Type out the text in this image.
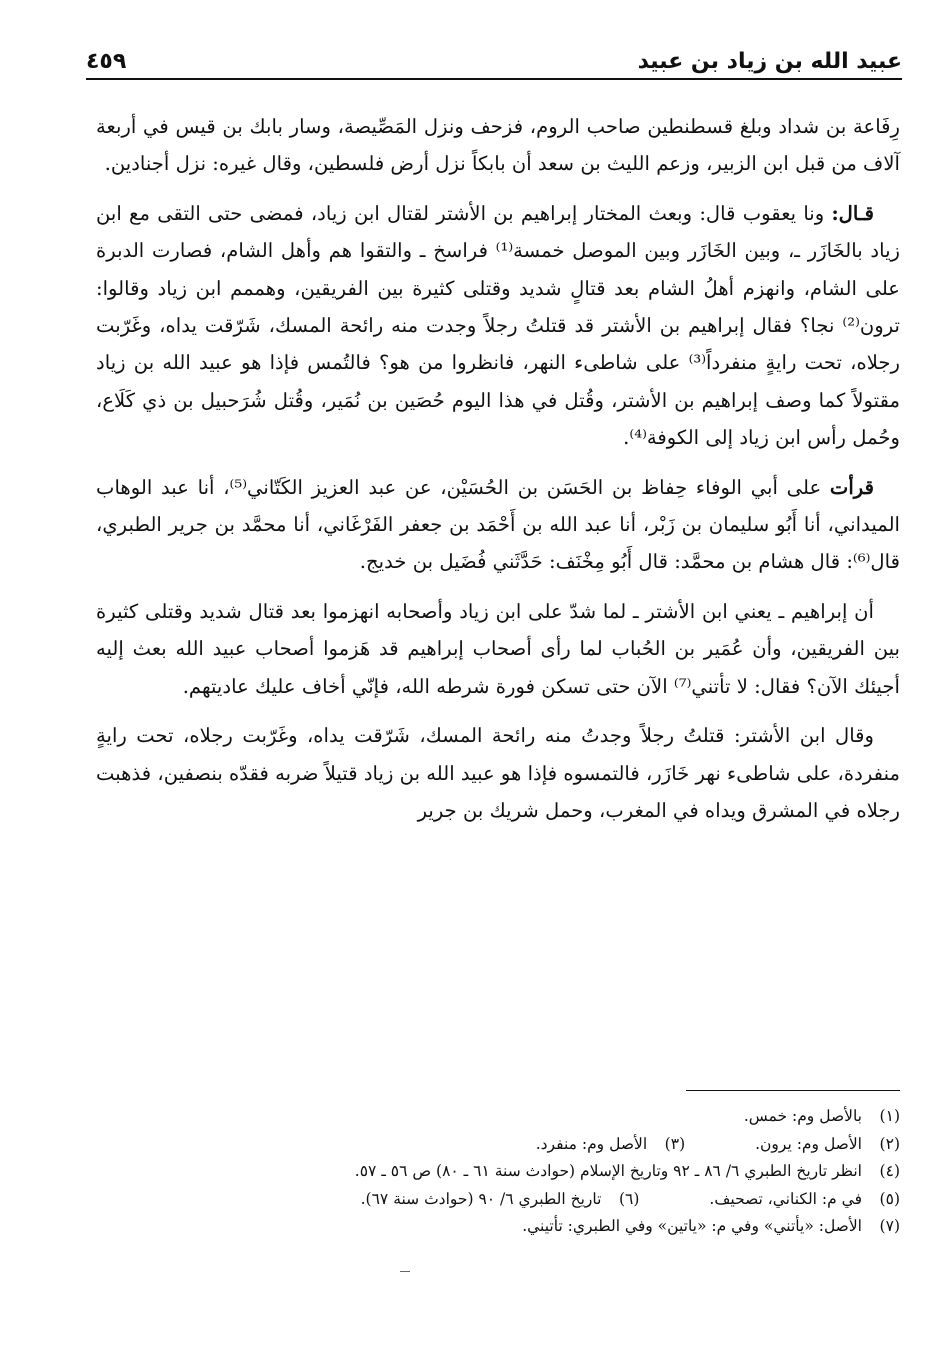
عبيد الله بن زياد بن عبيد
٤٥٩

رِفَاعة بن شداد وبلغ قسطنطين صاحب الروم، فزحف ونزل المَصِّيصة، وسار بابك بن قيس في أربعة آلاف من قبل ابن الزبير، وزعم الليث بن سعد أن بابكاً نزل أرض فلسطين، وقال غيره: نزل أجنادين.

قـال: ونا يعقوب قال: وبعث المختار إبراهيم بن الأشتر لقتال ابن زياد، فمضى حتى التقى مع ابن زياد بالخَازَر ـ، وبين الخَازَر وبين الموصل خمسة⁽¹⁾ فراسخ ـ والتقوا هم وأهل الشام، فصارت الدبرة على الشام، وانهزم أهلُ الشام بعد قتالٍ شديد وقتلى كثيرة بين الفريقين، وهممم ابن زياد وقالوا: ترون⁽²⁾ نجا؟ فقال إبراهيم بن الأشتر قد قتلتُ رجلاً وجدت منه رائحة المسك، شَرّقت يداه، وغَرّبت رجلاه، تحت رايةٍ منفرداً⁽³⁾ على شاطىء النهر، فانظروا من هو؟ فالتُمس فإذا هو عبيد الله بن زياد مقتولاً كما وصف إبراهيم بن الأشتر، وقُتل في هذا اليوم حُصَين بن نُمَير، وقُتل شُرَحبيل بن ذي كَلَاع، وحُمل رأس ابن زياد إلى الكوفة⁽⁴⁾.

قرأت على أبي الوفاء حِفاظ بن الحَسَن بن الحُسَيْن، عن عبد العزيز الكَتّاني⁽⁵⁾، أنا عبد الوهاب الميداني، أنا أَبُو سليمان بن زَبْر، أنا عبد الله بن أَحْمَد بن جعفر الفَرْغَاني، أنا محمَّد بن جرير الطبري، قال⁽⁶⁾: قال هشام بن محمَّد: قال أَبُو مِخْنَف: حَدَّثَني فُضَيل بن خديج.

أن إبراهيم ـ يعني ابن الأشتر ـ لما شدّ على ابن زياد وأصحابه انهزموا بعد قتال شديد وقتلى كثيرة بين الفريقين، وأن عُمَير بن الحُباب لما رأى أصحاب إبراهيم قد هَزموا أصحاب عبيد الله بعث إليه أجيئك الآن؟ فقال: لا تأتني⁽⁷⁾ الآن حتى تسكن فورة شرطه الله، فإنّي أخاف عليك عاديتهم.

وقال ابن الأشتر: قتلتُ رجلاً وجدتُ منه رائحة المسك، شَرّقت يداه، وغَرّبت رجلاه، تحت رايةٍ منفردة، على شاطىء نهر خَازَر، فالتمسوه فإذا هو عبيد الله بن زياد قتيلاً ضربه فقدّه بنصفين، فذهبت رجلاه في المشرق ويداه في المغرب، وحمل شريك بن جرير

(١)
بالأصل وم: خمس.
(٢)
الأصل وم: يرون.
(٣)
الأصل وم: منفرد.
(٤)
انظر تاريخ الطبري ٦/ ٨٦ ـ ٩٢ وتاريخ الإسلام (حوادث سنة ٦١ ـ ٨٠) ص ٥٦ ـ ٥٧.
(٥)
في م: الكناني، تصحيف.
(٦)
تاريخ الطبري ٦/ ٩٠ (حوادث سنة ٦٧).
(٧)
الأصل: «يأتني» وفي م: «ياتين» وفي الطبري: تأتيني.
